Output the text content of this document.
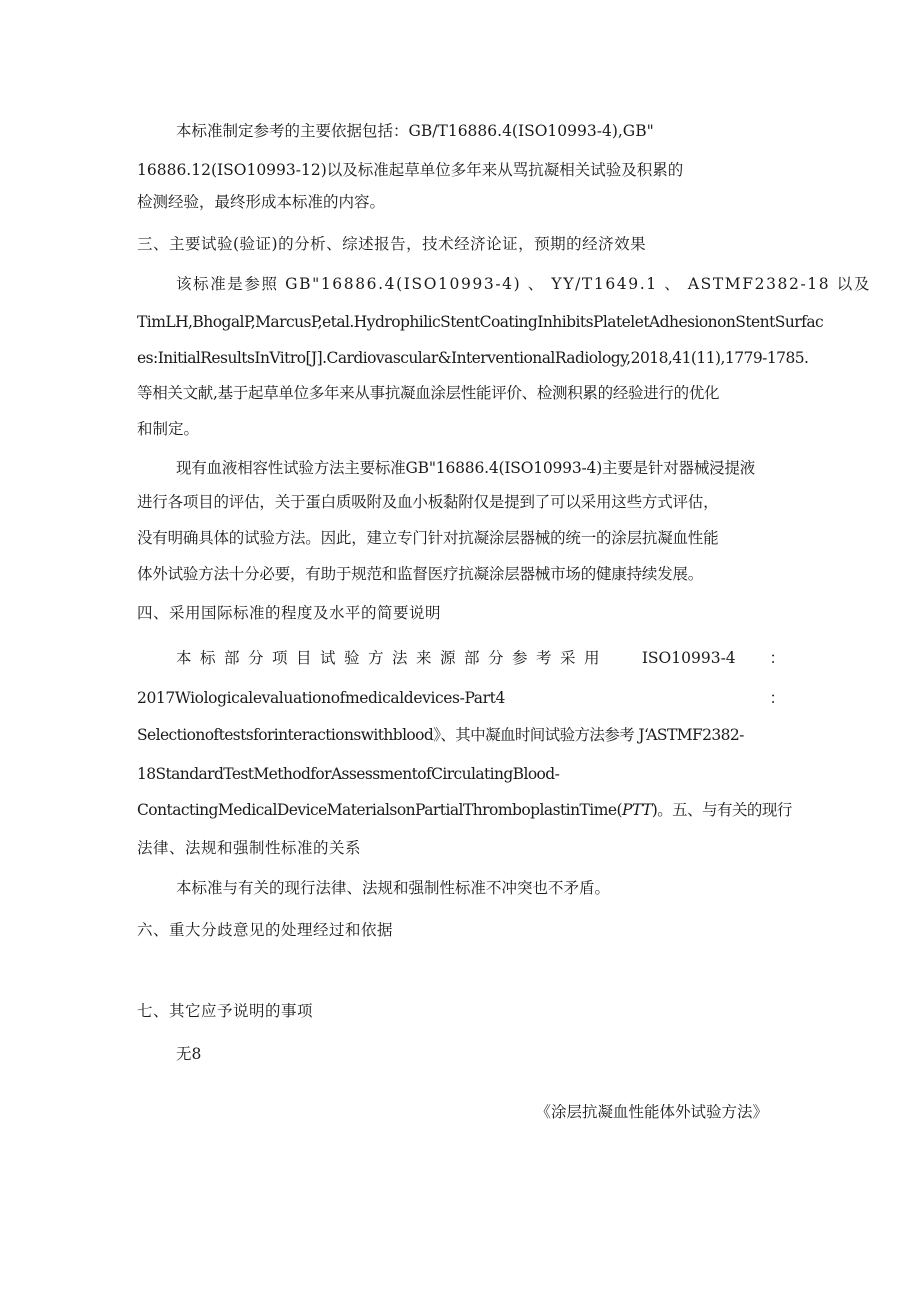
本标准制定参考的主要依据包括：GB/T16886.4(ISO10993-4),GB"
16886.12(ISO10993-12)以及标准起草单位多年来从骂抗凝相关试验及积累的
检测经验，最终形成本标准的内容。
三、主要试验(验证)的分析、综述报告，技术经济论证，预期的经济效果
该标准是参照 GB"16886.4(ISO10993-4) 、 YY/T1649.1 、 ASTMF2382-18 以及
TimLH,BhogalP,MarcusP,etal.HydrophilicStentCoatingInhibitsPlateletAdhesiononStentSurfac
es:InitialResultsInVitro[J].Cardiovascular&InterventionalRadiology,2018,41(11),1779-1785.
等相关文献,基于起草单位多年来从事抗凝血涂层性能评价、检测积累的经验进行的优化
和制定。
现有血液相容性试验方法主要标准GB"16886.4(ISO10993-4)主要是针对器械浸提液
进行各项目的评估，关于蛋白质吸附及血小板黏附仅是提到了可以采用这些方式评估，
没有明确具体的试验方法。因此，建立专门针对抗凝涂层器械的统一的涂层抗凝血性能
体外试验方法十分必要，有助于规范和监督医疗抗凝涂层器械市场的健康持续发展。
四、采用国际标准的程度及水平的简要说明
本标部分项目试验方法来源部分参考采用 ISO10993-4 ：
2017Wiologicalevaluationofmedicaldevices-Part4	：
Selectionoftestsforinteractionswithblood》、其中凝血时间试验方法参考 J‘ASTMF2382-
18StandardTestMethodforAssessmentofCirculatingBlood-
ContactingMedicalDeviceMaterialsonPartialThromboplastinTime(PTT)。五、与有关的现行
法律、法规和强制性标准的关系
本标准与有关的现行法律、法规和强制性标准不冲突也不矛盾。
六、重大分歧意见的处理经过和依据
七、其它应予说明的事项
无8
《涂层抗凝血性能体外试验方法》
